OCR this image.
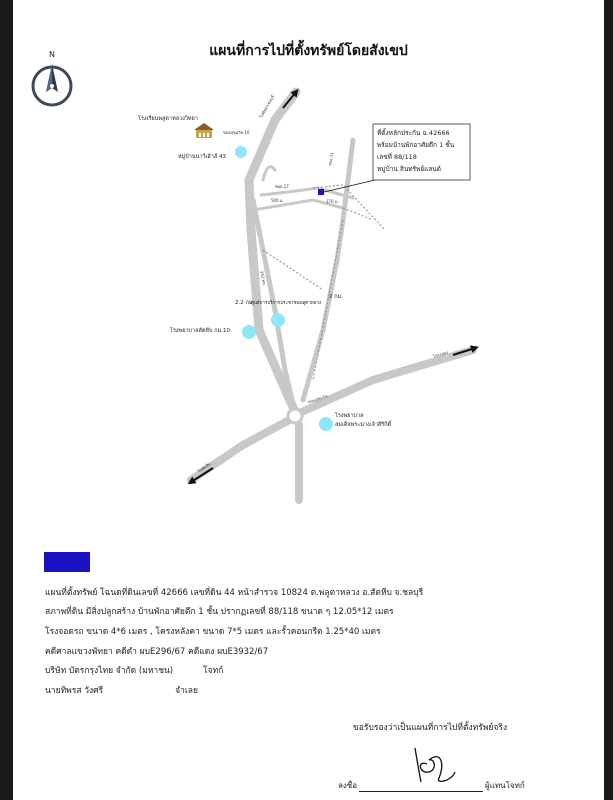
แผนที่การไปที่ตั้งทรัพย์โดยสังเขป
N
ที่ตั้งหลักประกัน ฉ.42666
พร้อมบ้านพักอาศัยตึก 1 ชั้น
เลขที่ 88/118
หมู่บ้าน สินทรัพย์แลนด์
โรงเรียนพลูตาหลวงวิทยา
หมู่บ้านนาวีเฮ้าส์ 43
โรงพยาบาลสัตหีบ กม.10
ศูนย์การบริการประชาชนพลูตาหลวง
โรงพยาบาล
สมเด็จพระนางเจ้าสิริกิติ์
2.2 กม.
2 กม.
ไปพัทยา/ชลบุรี
ไประยอง
ไปสัตหีบ
ถนนสุขุมวิท
332 ทล.
ซอยสุขุมวิท 16
500 ม.	170 ม.
ซอย 11
ซอย 17
แผนที่ตั้งทรัพย์ โฉนดที่ดินเลขที่ 42666 เลขที่ดิน 44 หน้าสำรวจ 10824 ต.พลูตาหลวง อ.สัตหีบ จ.ชลบุรี
สภาพที่ดิน มีสิ่งปลูกสร้าง บ้านพักอาศัยตึก 1 ชั้น ปรากฏเลขที่ 88/118 ขนาด ๆ 12.05*12 เมตร
โรงจอดรถ ขนาด 4*6 เมตร , โครงหลังคา ขนาด 7*5 เมตร และรั้วคอนกรีต 1.25*40 เมตร
คดีศาลแขวงพัทยา คดีดำ ผบE296/67 คดีแดง ผบE3932/67
บริษัท บัตรกรุงไทย จำกัด (มหาชน)	โจทก์
นายทิพรส วังศรี	จำเลย
ขอรับรองว่าเป็นแผนที่การไปที่ตั้งทรัพย์จริง
ลงชื่อ	ผู้แทนโจทก์
